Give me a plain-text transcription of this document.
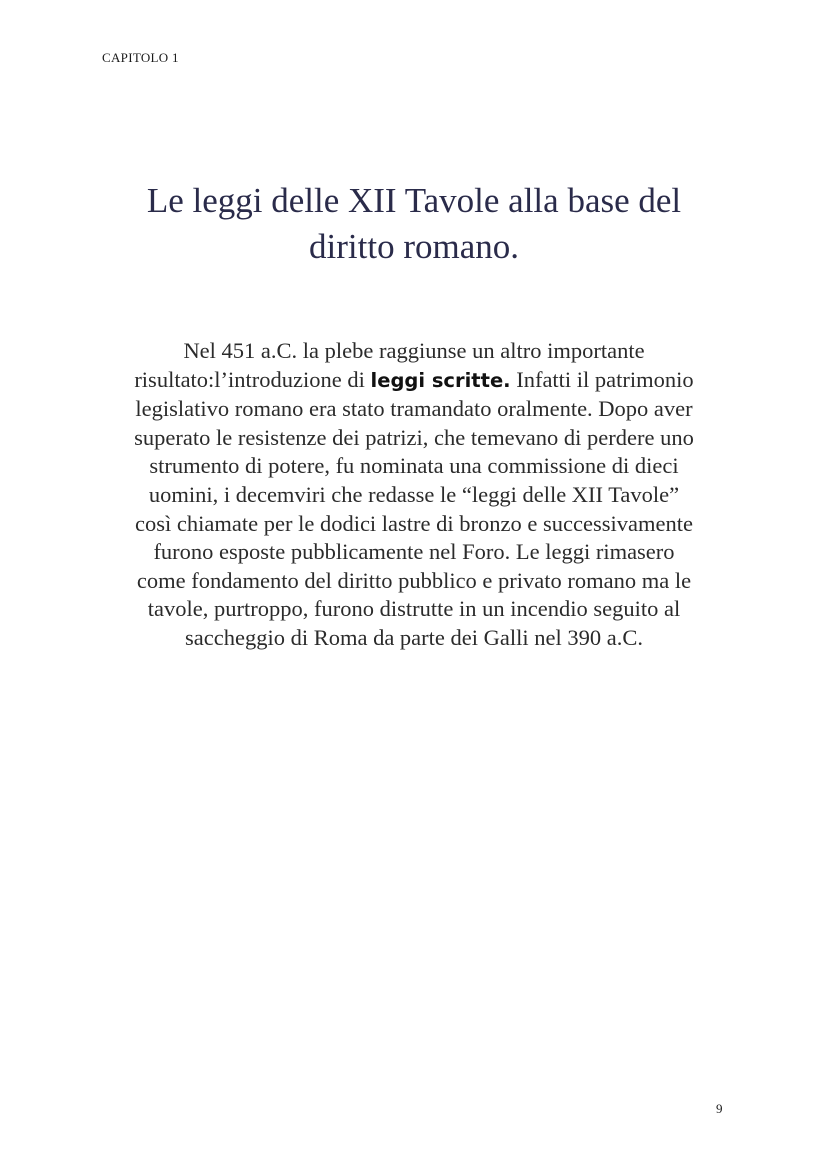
CAPITOLO 1
Le leggi delle XII Tavole alla base del
diritto romano.

Nel 451 a.C. la plebe raggiunse un altro importante
risultato:l’introduzione di leggi scritte. Infatti il patrimonio
legislativo romano era stato tramandato oralmente. Dopo aver
superato le resistenze dei patrizi, che temevano di perdere uno
strumento di potere, fu nominata una commissione di dieci
uomini, i decemviri che redasse le “leggi delle XII Tavole”
così chiamate per le dodici lastre di bronzo e successivamente
furono esposte pubblicamente nel Foro. Le leggi rimasero
come fondamento del diritto pubblico e privato romano ma le
tavole, purtroppo, furono distrutte in un incendio seguito al
saccheggio di Roma da parte dei Galli nel 390 a.C.

9
